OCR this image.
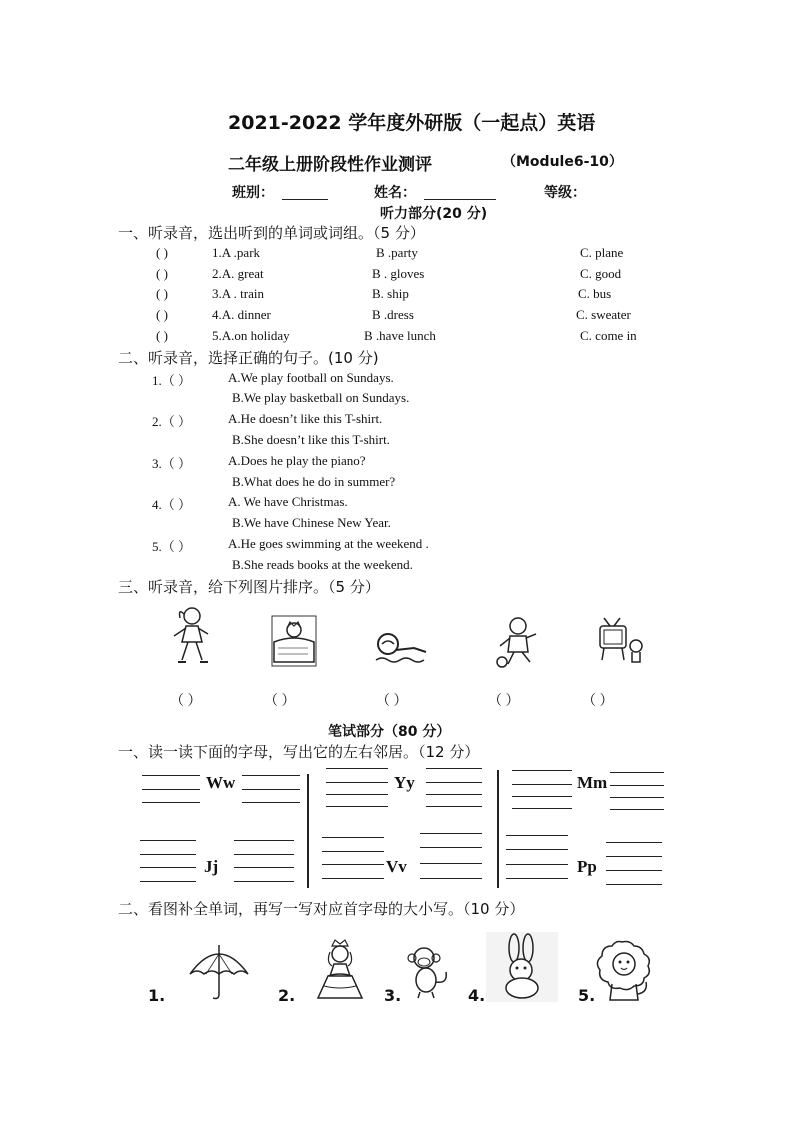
2021-2022 学年度外研版（一起点）英语
二年级上册阶段性作业测评	（Module6-10）
班别：	姓名：	等级：
听力部分(20 分)
一、听录音，选出听到的单词或词组。（5 分）
( )	1.A .park	B .party	C. plane
( )	2.A. great	B . gloves	C. good
( )	3.A . train	B. ship	C. bus
( )	4.A. dinner	B .dress	C. sweater
( )	5.A.on holiday	B .have lunch	C. come in
二、听录音，选择正确的句子。(10 分)
1.（ ）	A.We play football on Sundays.
B.We play basketball on Sundays.
2.（ ）	A.He doesn’t like this T-shirt.
B.She doesn’t like this T-shirt.
3.（ ）	A.Does he play the piano?
B.What does he do in summer?
4.（ ）	A. We have Christmas.
B.We have Chinese New Year.
5.（ ）	A.He goes swimming at the weekend .
B.She reads books at the weekend.
三、听录音，给下列图片排序。（5 分）
（ ）	（ ）	（ ）	（ ）	（ ）
笔试部分（80 分）
一、读一读下面的字母，写出它的左右邻居。（12 分）
Ww	Yy	Mm
Jj	Vv	Pp
二、看图补全单词，再写一写对应首字母的大小写。（10 分）
1.	2.	3.	4.	5.
